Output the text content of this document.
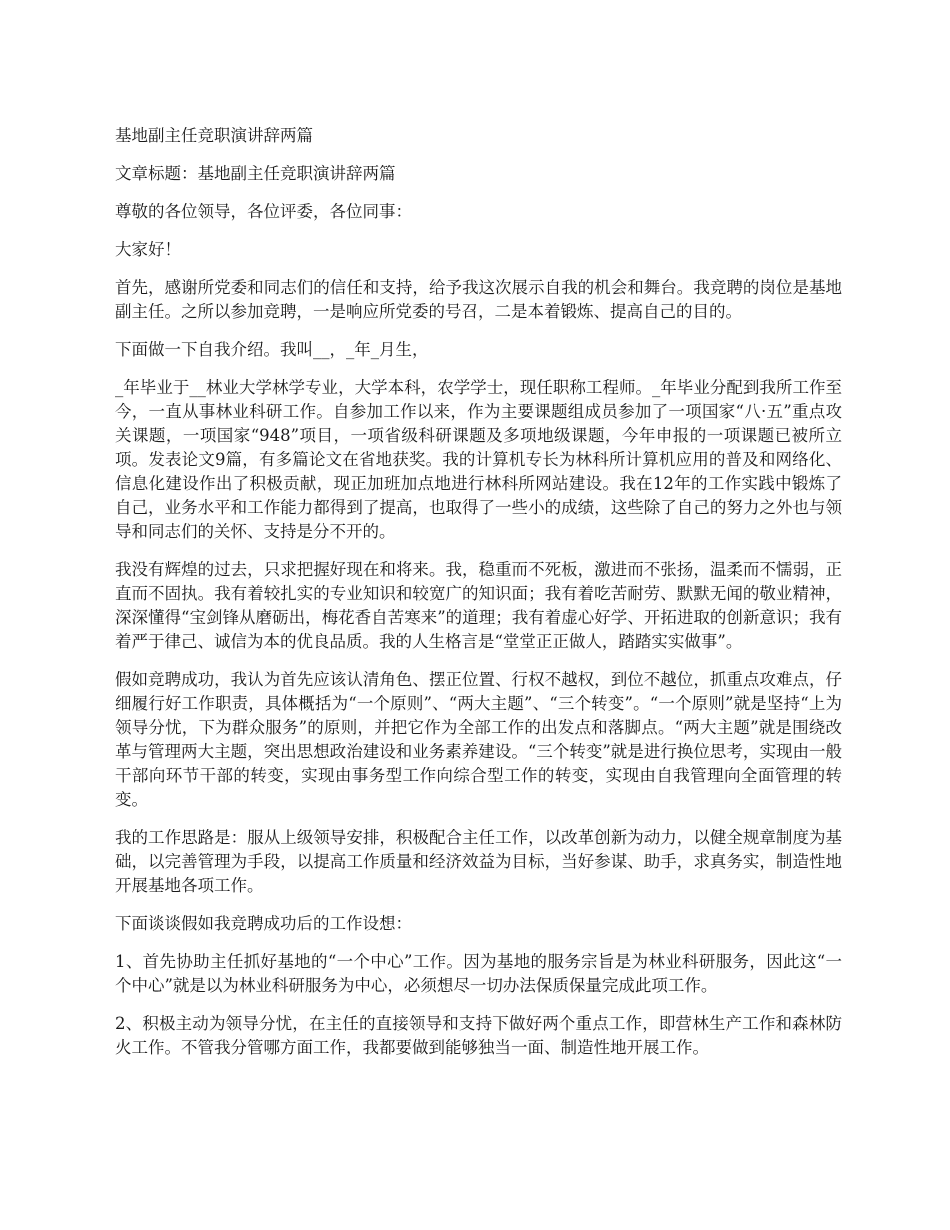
基地副主任竞职演讲辞两篇

文章标题：基地副主任竞职演讲辞两篇

尊敬的各位领导，各位评委，各位同事：

大家好！

首先，感谢所党委和同志们的信任和支持，给予我这次展示自我的机会和舞台。我竞聘的岗位是基地副主任。之所以参加竞聘，一是响应所党委的号召，二是本着锻炼、提高自己的目的。

下面做一下自我介绍。我叫__，_年_月生，

_年毕业于__林业大学林学专业，大学本科，农学学士，现任职称工程师。_年毕业分配到我所工作至今，一直从事林业科研工作。自参加工作以来，作为主要课题组成员参加了一项国家“八·五”重点攻关课题，一项国家“948”项目，一项省级科研课题及多项地级课题，今年申报的一项课题已被所立项。发表论文9篇，有多篇论文在省地获奖。我的计算机专长为林科所计算机应用的普及和网络化、信息化建设作出了积极贡献，现正加班加点地进行林科所网站建设。我在12年的工作实践中锻炼了自己，业务水平和工作能力都得到了提高，也取得了一些小的成绩，这些除了自己的努力之外也与领导和同志们的关怀、支持是分不开的。

我没有辉煌的过去，只求把握好现在和将来。我，稳重而不死板，激进而不张扬，温柔而不懦弱，正直而不固执。我有着较扎实的专业知识和较宽广的知识面；我有着吃苦耐劳、默默无闻的敬业精神，深深懂得“宝剑锋从磨砺出，梅花香自苦寒来”的道理；我有着虚心好学、开拓进取的创新意识；我有着严于律己、诚信为本的优良品质。我的人生格言是“堂堂正正做人，踏踏实实做事”。

假如竞聘成功，我认为首先应该认清角色、摆正位置、行权不越权，到位不越位，抓重点攻难点，仔细履行好工作职责，具体概括为“一个原则”、“两大主题”、“三个转变”。“一个原则”就是坚持“上为领导分忧，下为群众服务”的原则，并把它作为全部工作的出发点和落脚点。“两大主题”就是围绕改革与管理两大主题，突出思想政治建设和业务素养建设。“三个转变”就是进行换位思考，实现由一般干部向环节干部的转变，实现由事务型工作向综合型工作的转变，实现由自我管理向全面管理的转变。

我的工作思路是：服从上级领导安排，积极配合主任工作，以改革创新为动力，以健全规章制度为基础，以完善管理为手段，以提高工作质量和经济效益为目标，当好参谋、助手，求真务实，制造性地开展基地各项工作。

下面谈谈假如我竞聘成功后的工作设想：

1、首先协助主任抓好基地的“一个中心”工作。因为基地的服务宗旨是为林业科研服务，因此这“一个中心”就是以为林业科研服务为中心，必须想尽一切办法保质保量完成此项工作。

2、积极主动为领导分忧，在主任的直接领导和支持下做好两个重点工作，即营林生产工作和森林防火工作。不管我分管哪方面工作，我都要做到能够独当一面、制造性地开展工作。
